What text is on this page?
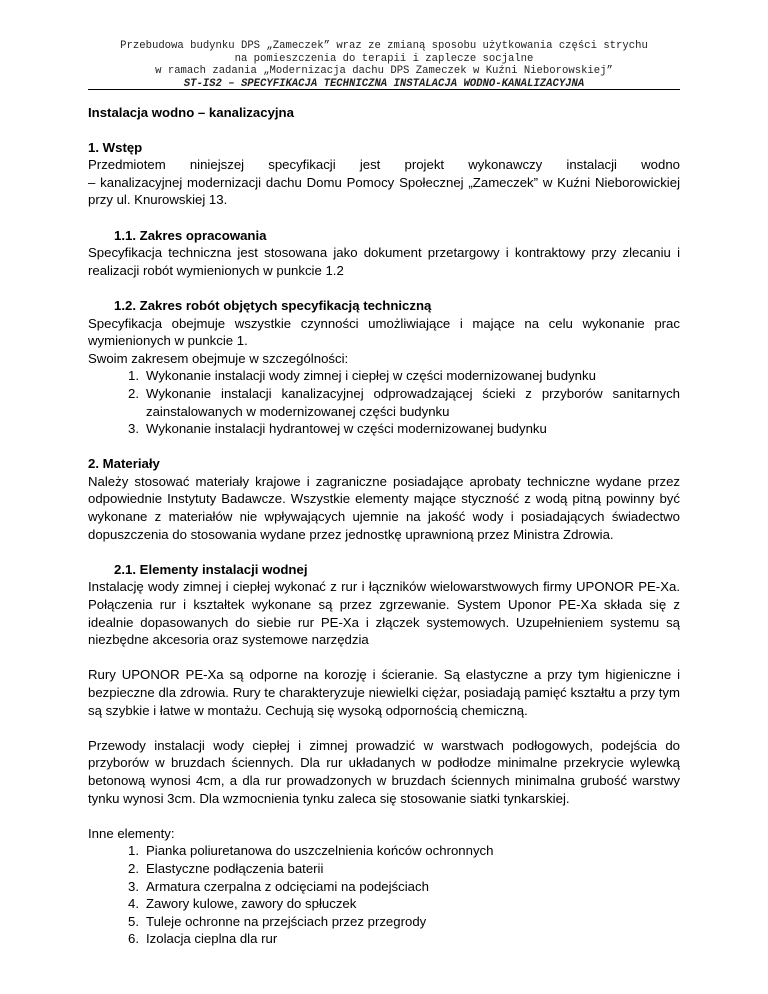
Przebudowa budynku DPS „Zameczek” wraz ze zmianą sposobu użytkowania części strychu
na pomieszczenia do terapii i zaplecze socjalne
w ramach zadania „Modernizacja dachu DPS Zameczek w Kuźni Nieborowskiej”
ST-IS2 – SPECYFIKACJA TECHNICZNA INSTALACJA WODNO-KANALIZACYJNA
Instalacja wodno – kanalizacyjna
1. Wstęp

Przedmiotem niniejszej specyfikacji jest projekt wykonawczy instalacji wodno

– kanalizacyjnej modernizacji dachu Domu Pomocy Społecznej „Zameczek” w Kuźni Nieborowickiej przy ul. Knurowskiej 13.

1.1. Zakres opracowania

Specyfikacja techniczna jest stosowana jako dokument przetargowy i kontraktowy przy zlecaniu i realizacji robót wymienionych w punkcie 1.2

1.2. Zakres robót objętych specyfikacją techniczną

Specyfikacja obejmuje wszystkie czynności umożliwiające i mające na celu wykonanie prac wymienionych w punkcie 1.

Swoim zakresem obejmuje w szczególności:

1. Wykonanie instalacji wody zimnej i ciepłej w części modernizowanej budynku
2. Wykonanie instalacji kanalizacyjnej odprowadzającej ścieki z przyborów sanitarnych zainstalowanych w modernizowanej części budynku
3. Wykonanie instalacji hydrantowej w części modernizowanej budynku
2. Materiały

Należy stosować materiały krajowe i zagraniczne posiadające aprobaty techniczne wydane przez odpowiednie Instytuty Badawcze. Wszystkie elementy mające styczność z wodą pitną powinny być wykonane z materiałów nie wpływających ujemnie na jakość wody i posiadających świadectwo dopuszczenia do stosowania wydane przez jednostkę uprawnioną przez Ministra Zdrowia.

2.1. Elementy instalacji wodnej

Instalację wody zimnej i ciepłej wykonać z rur i łączników wielowarstwowych firmy UPONOR PE-Xa. Połączenia rur i kształtek wykonane są przez zgrzewanie. System Uponor PE-Xa składa się z idealnie dopasowanych do siebie rur PE-Xa i złączek systemowych. Uzupełnieniem systemu są niezbędne akcesoria oraz systemowe narzędzia

Rury UPONOR PE-Xa są odporne na korozję i ścieranie. Są elastyczne a przy tym higieniczne i bezpieczne dla zdrowia. Rury te charakteryzuje niewielki ciężar, posiadają pamięć kształtu a przy tym są szybkie i łatwe w montażu. Cechują się wysoką odpornością chemiczną.

Przewody instalacji wody ciepłej i zimnej prowadzić w warstwach podłogowych, podejścia do przyborów w bruzdach ściennych. Dla rur układanych w podłodze minimalne przekrycie wylewką betonową wynosi 4cm, a dla rur prowadzonych w bruzdach ściennych minimalna grubość warstwy tynku wynosi 3cm. Dla wzmocnienia tynku zaleca się stosowanie siatki tynkarskiej.

Inne elementy:

1. Pianka poliuretanowa do uszczelnienia końców ochronnych
2. Elastyczne podłączenia baterii
3. Armatura czerpalna z odcięciami na podejściach
4. Zawory kulowe, zawory do spłuczek
5. Tuleje ochronne na przejściach przez przegrody
6. Izolacja cieplna dla rur
